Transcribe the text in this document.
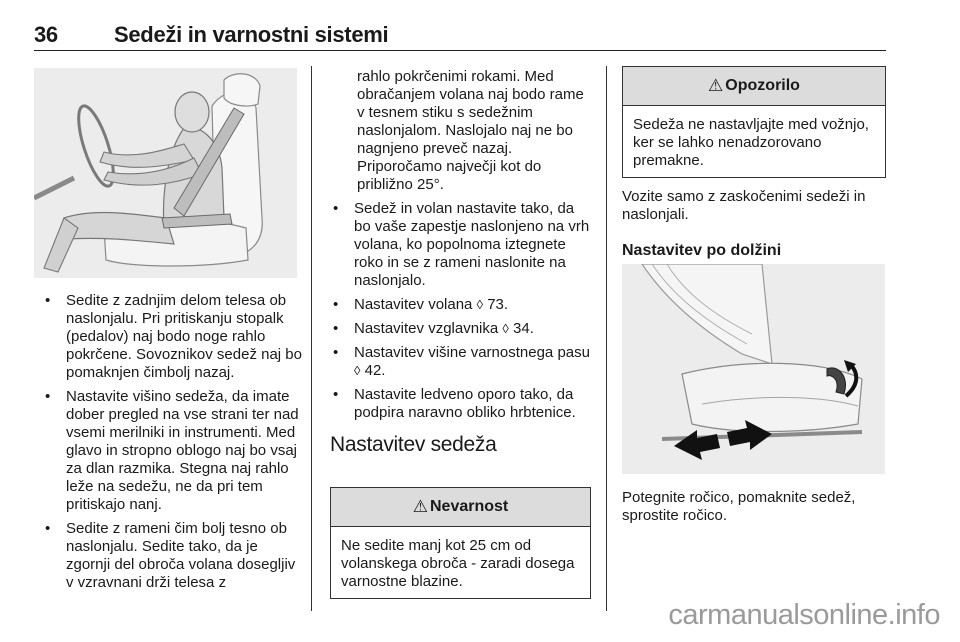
36	Sedeži in varnostni sistemi
• Sedite z zadnjim delom telesa ob naslonjalu. Pri pritiskanju stopalk (pedalov) naj bodo noge rahlo pokrčene. Sovoznikov sedež naj bo pomaknjen čimbolj nazaj.
• Nastavite višino sedeža, da imate dober pregled na vse strani ter nad vsemi merilniki in instrumenti. Med glavo in stropno oblogo naj bo vsaj za dlan razmika. Stegna naj rahlo leže na sedežu, ne da pri tem pritiskajo nanj.
• Sedite z rameni čim bolj tesno ob naslonjalu. Sedite tako, da je zgornji del obroča volana dosegljiv v vzravnani drži telesa z

rahlo pokrčenimi rokami. Med obračanjem volana naj bodo rame v tesnem stiku s sedežnim naslonjalom. Naslojalo naj ne bo nagnjeno preveč nazaj. Priporočamo največji kot do približno 25°.

• Sedež in volan nastavite tako, da bo vaše zapestje naslonjeno na vrh volana, ko popolnoma iztegnete roko in se z rameni naslonite na naslonjalo.
• Nastavitev volana ◊ 73.
• Nastavitev vzglavnika ◊ 34.
• Nastavitev višine varnostnega pasu ◊ 42.
• Nastavite ledveno oporo tako, da podpira naravno obliko hrbtenice.
Nastavitev sedeža
⚠ Nevarnost
Ne sedite manj kot 25 cm od volanskega obroča - zaradi dosega varnostne blazine.
⚠ Opozorilo
Sedeža ne nastavljajte med vožnjo, ker se lahko nenadzorovano premakne.

Vozite samo z zaskočenimi sedeži in naslonjali.

Nastavitev po dolžini

Potegnite ročico, pomaknite sedež, sprostite ročico.

carmanualsonline.info
